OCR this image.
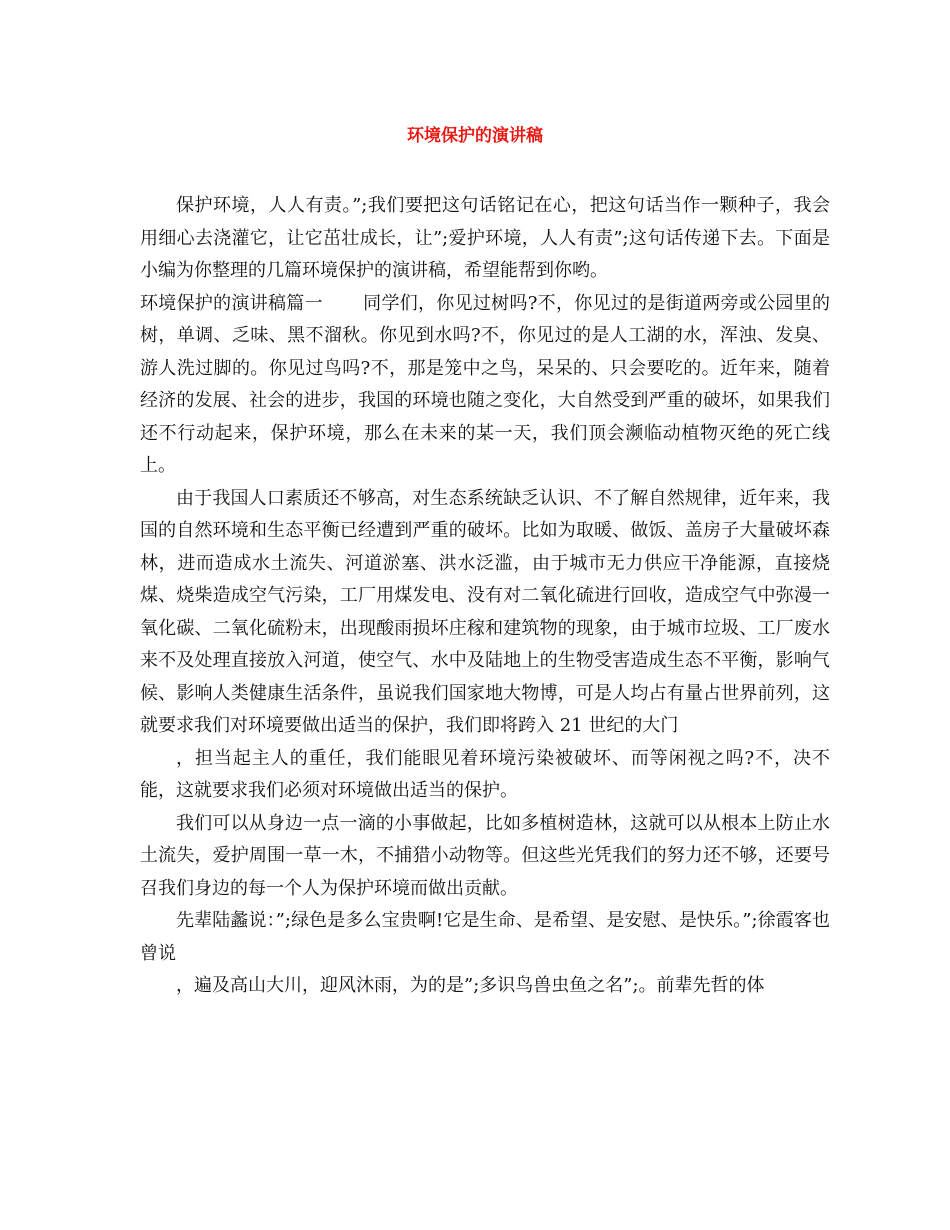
环境保护的演讲稿

保护环境，人人有责。”;我们要把这句话铭记在心，把这句话当作一颗种子，我会用细心去浇灌它，让它茁壮成长，让”;爱护环境，人人有责”;这句话传递下去。下面是小编为你整理的几篇环境保护的演讲稿，希望能帮到你哟。

环境保护的演讲稿篇一 同学们，你见过树吗?不，你见过的是街道两旁或公园里的树，单调、乏味、黑不溜秋。你见到水吗?不，你见过的是人工湖的水，浑浊、发臭、游人洗过脚的。你见过鸟吗?不，那是笼中之鸟，呆呆的、只会要吃的。近年来，随着经济的发展、社会的进步，我国的环境也随之变化，大自然受到严重的破坏，如果我们还不行动起来，保护环境，那么在未来的某一天，我们顶会濒临动植物灭绝的死亡线上。

由于我国人口素质还不够高，对生态系统缺乏认识、不了解自然规律，近年来，我国的自然环境和生态平衡已经遭到严重的破坏。比如为取暖、做饭、盖房子大量破坏森林，进而造成水土流失、河道淤塞、洪水泛滥，由于城市无力供应干净能源，直接烧煤、烧柴造成空气污染，工厂用煤发电、没有对二氧化硫进行回收，造成空气中弥漫一氧化碳、二氧化硫粉末，出现酸雨损坏庄稼和建筑物的现象，由于城市垃圾、工厂废水来不及处理直接放入河道，使空气、水中及陆地上的生物受害造成生态不平衡，影响气候、影响人类健康生活条件，虽说我们国家地大物博，可是人均占有量占世界前列，这就要求我们对环境要做出适当的保护，我们即将跨入 21 世纪的大门

，担当起主人的重任，我们能眼见着环境污染被破坏、而等闲视之吗?不，决不能，这就要求我们必须对环境做出适当的保护。

我们可以从身边一点一滴的小事做起，比如多植树造林，这就可以从根本上防止水土流失，爱护周围一草一木，不捕猎小动物等。但这些光凭我们的努力还不够，还要号召我们身边的每一个人为保护环境而做出贡献。

先辈陆蠡说：”;绿色是多么宝贵啊!它是生命、是希望、是安慰、是快乐。”;徐霞客也曾说

，遍及高山大川，迎风沐雨，为的是”;多识鸟兽虫鱼之名”;。前辈先哲的体
